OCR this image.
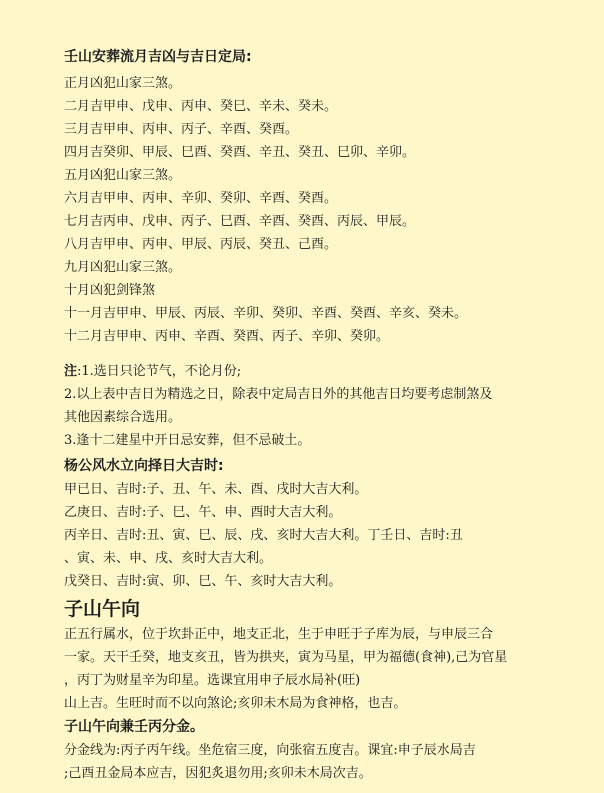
壬山安葬流月吉凶与吉日定局:
正月凶犯山家三煞。
二月吉甲申、戊申、丙申、癸巳、辛未、癸未。
三月吉甲申、丙申、丙子、辛酉、癸酉。
四月吉癸卯、甲辰、巳酉、癸酉、辛丑、癸丑、巳卯、辛卯。
五月凶犯山家三煞。
六月吉甲申、丙申、辛卯、癸卯、辛酉、癸酉。
七月吉丙申、戊申、丙子、巳酉、辛酉、癸酉、丙辰、甲辰。
八月吉甲申、丙申、甲辰、丙辰、癸丑、己酉。
九月凶犯山家三煞。
十月凶犯剑锋煞
十一月吉甲申、甲辰、丙辰、辛卯、癸卯、辛酉、癸酉、辛亥、癸未。
十二月吉甲申、丙申、辛酉、癸酉、丙子、辛卯、癸卯。
注:1.选日只论节气，不论月份;
2.以上表中吉日为精选之日，除表中定局吉日外的其他吉日均要考虑制煞及
其他因素综合选用。
3.逢十二建星中开日忌安葬，但不忌破土。
杨公风水立向择日大吉时:
甲已日、吉时:子、丑、午、未、酉、戌时大吉大利。
乙庚日、吉时:子、巳、午、申、酉时大吉大利。
丙辛日、吉时:丑、寅、巳、辰、戌、亥时大吉大利。丁壬日、吉时:丑
、寅、未、申、戌、亥时大吉大利。
戊癸日、吉时:寅、卯、巳、午、亥时大吉大利。
子山午向
正五行属水，位于坎卦正中，地支正北，生于申旺于子库为辰，与申辰三合
一家。天干壬癸，地支亥丑，皆为拱夹，寅为马星，甲为福德(食神),己为官星
，丙丁为财星辛为印星。选课宜用申子辰水局补(旺)
山上吉。生旺时而不以向煞论;亥卯未木局为食神格，也吉。
子山午向兼壬丙分金。
分金线为:丙子丙午线。坐危宿三度，向张宿五度吉。课宜:申子辰水局吉
;己酉丑金局本应吉，因犯炙退勿用;亥卯未木局次吉。
